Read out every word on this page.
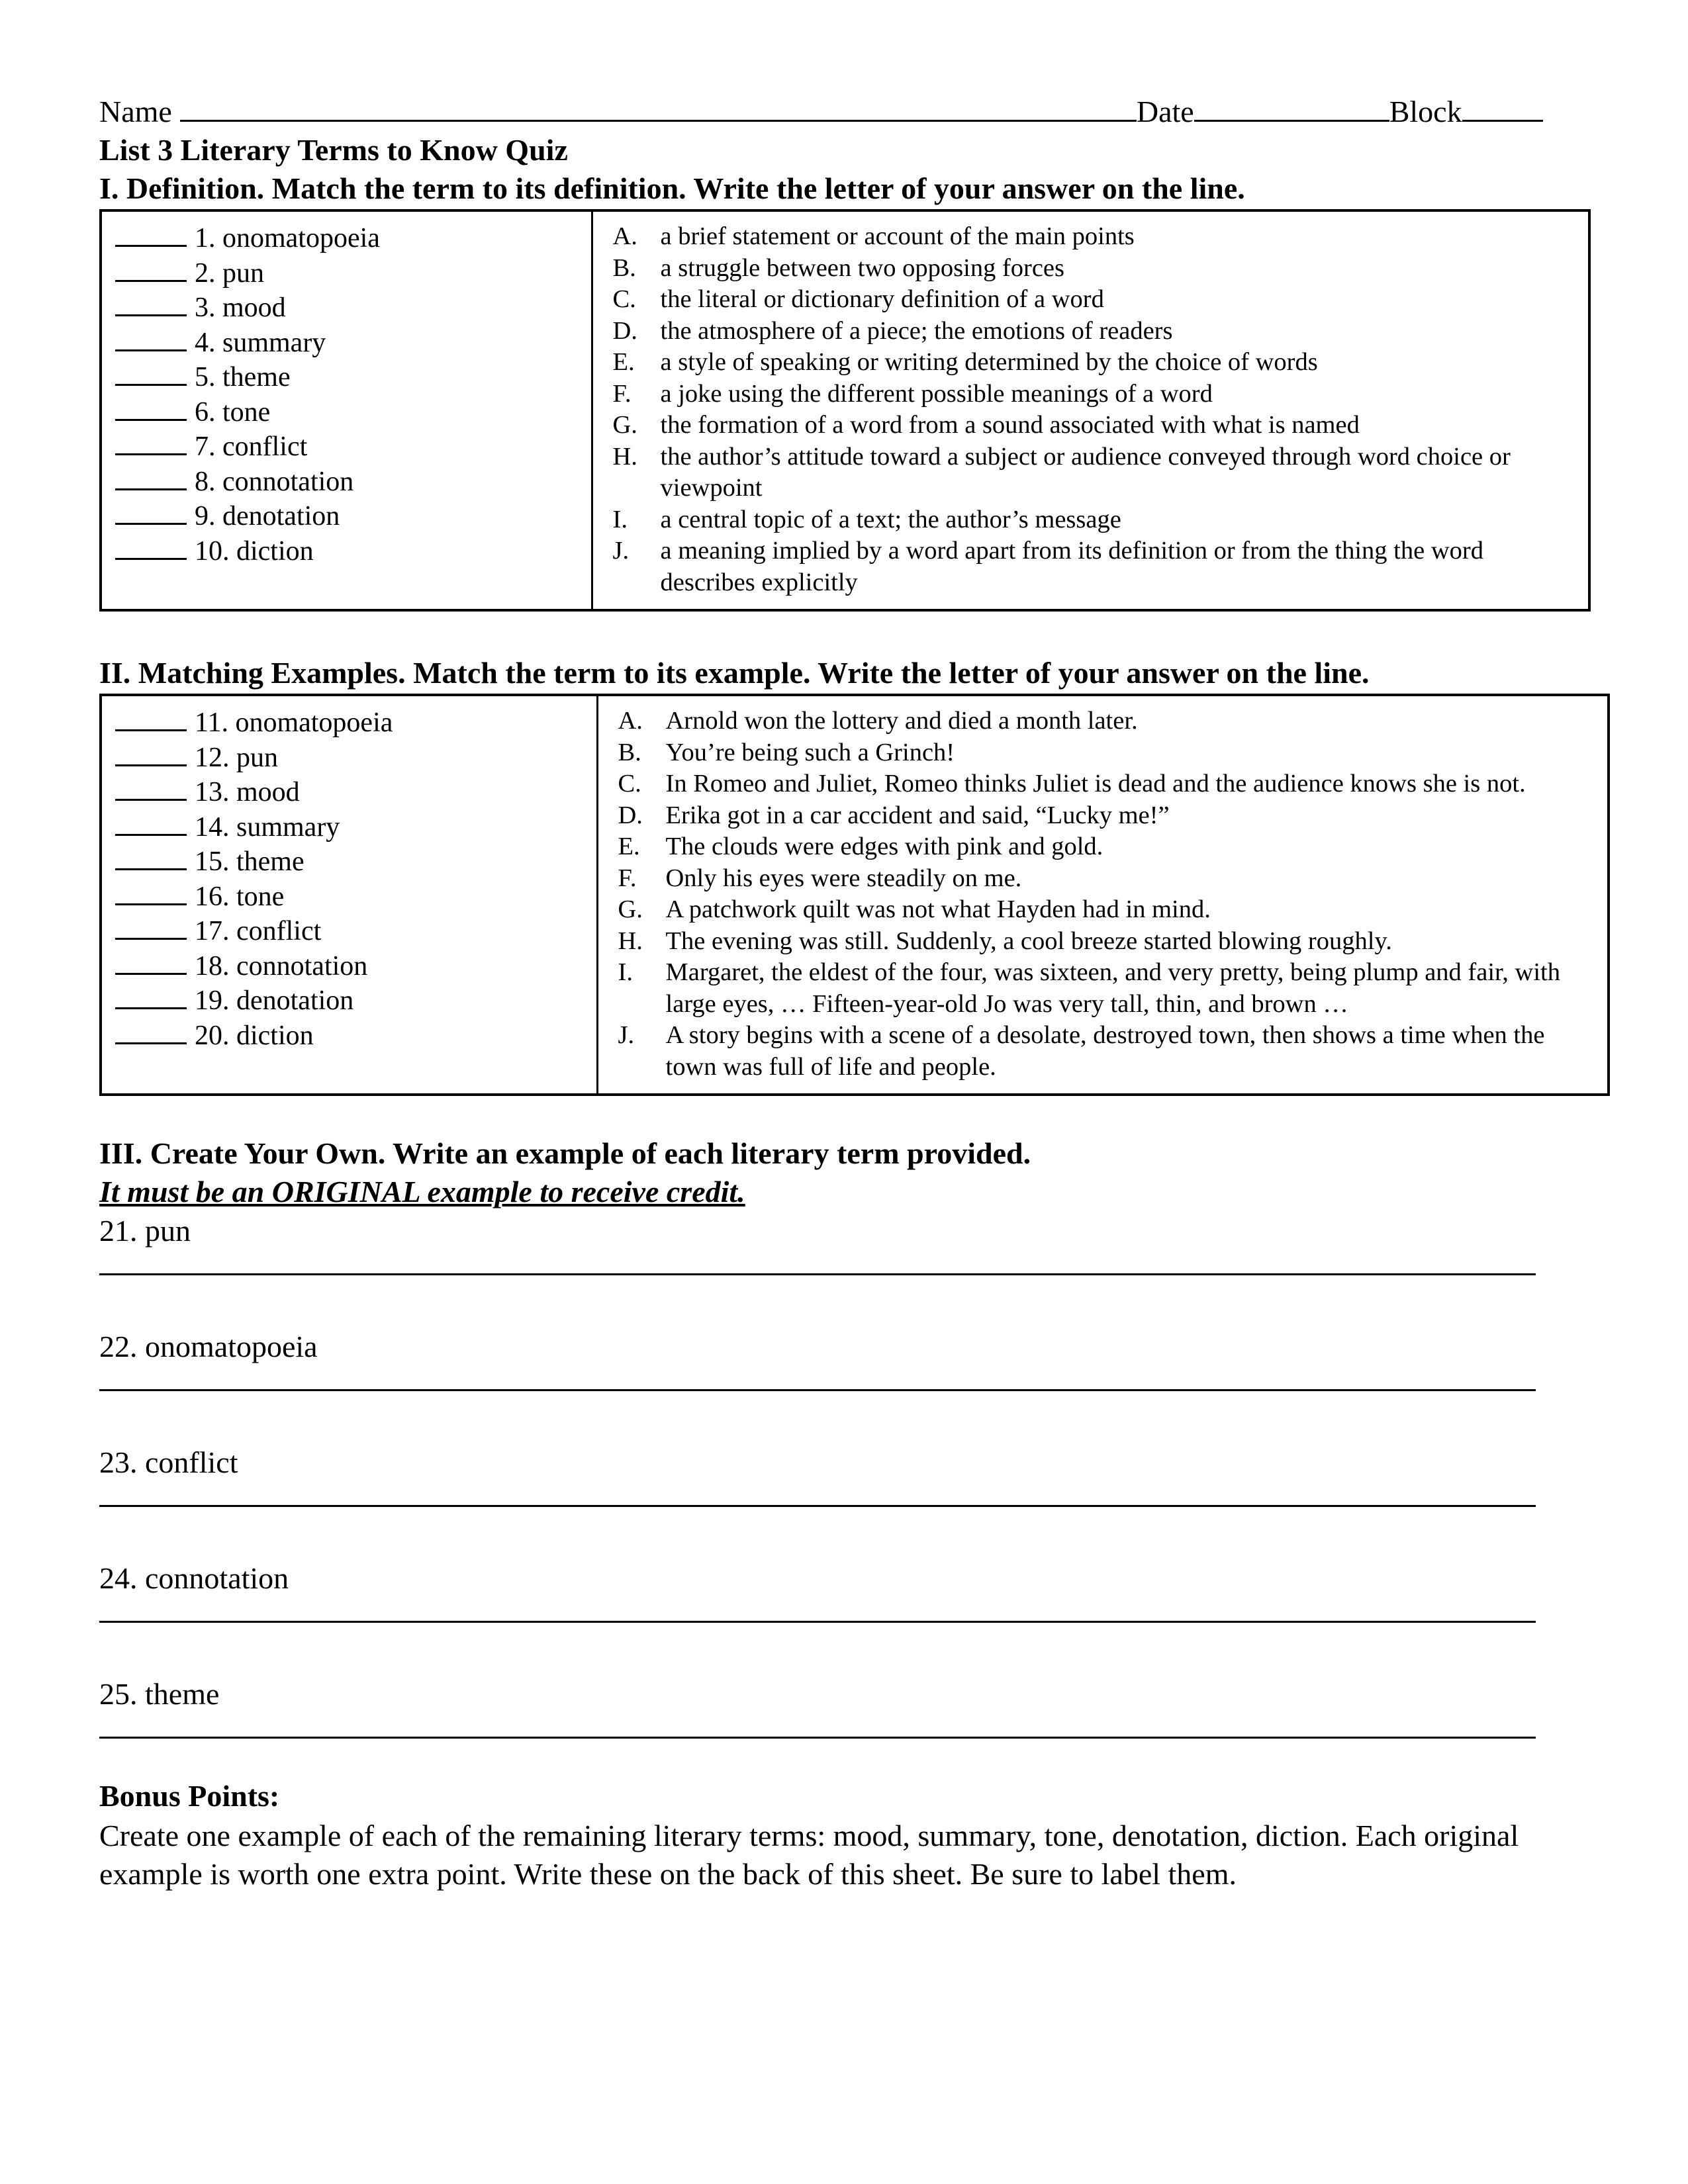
Name	Date	Block
List 3 Literary Terms to Know Quiz
I. Definition. Match the term to its definition. Write the letter of your answer on the line.
1. onomatopoeia
2. pun
3. mood
4. summary
5. theme
6. tone
7. conflict
8. connotation
9. denotation
10. diction

A. a brief statement or account of the main points
B. a struggle between two opposing forces
C. the literal or dictionary definition of a word
D. the atmosphere of a piece; the emotions of readers
E.	a style of speaking or writing determined by the choice of words
F.	a joke using the different possible meanings of a word
G. the formation of a word from a sound associated with what is named
H. the author’s attitude toward a subject or audience conveyed through word choice or viewpoint
I.	a central topic of a text; the author’s message
J.	a meaning implied by a word apart from its definition or from the thing the word describes explicitly
II. Matching Examples. Match the term to its example. Write the letter of your answer on the line.
11. onomatopoeia
12. pun
13. mood
14. summary
15. theme
16. tone
17. conflict
18. connotation
19. denotation
20. diction

A. Arnold won the lottery and died a month later.
B. You’re being such a Grinch!
C. In Romeo and Juliet, Romeo thinks Juliet is dead and the audience knows she is not.
D. Erika got in a car accident and said, “Lucky me!”
E.	The clouds were edges with pink and gold.
F.	Only his eyes were steadily on me.
G. A patchwork quilt was not what Hayden had in mind.
H. The evening was still. Suddenly, a cool breeze started blowing roughly.
I.	Margaret, the eldest of the four, was sixteen, and very pretty, being plump and fair, with large eyes, … Fifteen-year-old Jo was very tall, thin, and brown …
J.	A story begins with a scene of a desolate, destroyed town, then shows a time when the town was full of life and people.
III. Create Your Own. Write an example of each literary term provided.
It must be an ORIGINAL example to receive credit.
21. pun
22. onomatopoeia
23. conflict
24. connotation
25. theme
Bonus Points:
Create one example of each of the remaining literary terms: mood, summary, tone, denotation, diction. Each original example is worth one extra point. Write these on the back of this sheet. Be sure to label them.
